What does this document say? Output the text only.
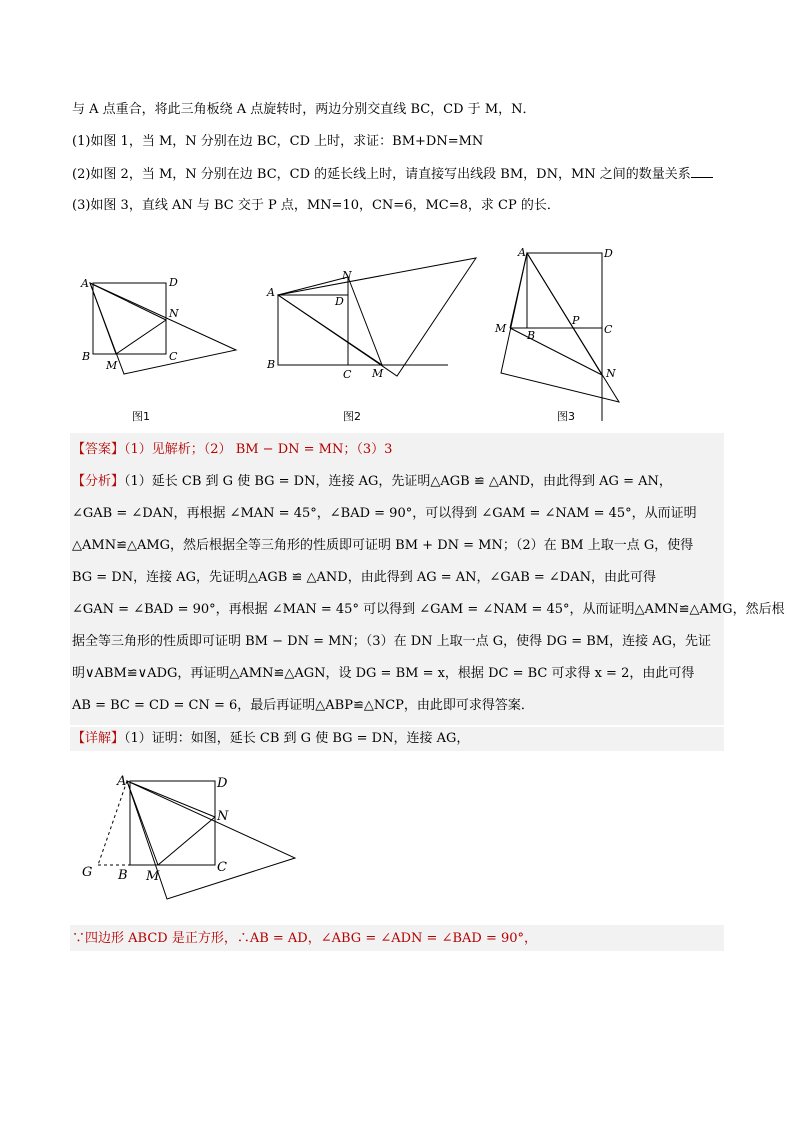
与 A 点重合，将此三角板绕 A 点旋转时，两边分别交直线 BC，CD 于 M，N．
(1)如图 1，当 M，N 分别在边 BC，CD 上时，求证：BM+DN=MN
(2)如图 2，当 M，N 分别在边 BC，CD 的延长线上时，请直接写出线段 BM，DN，MN 之间的数量关系
(3)如图 3，直线 AN 与 BC 交于 P 点，MN=10，CN=6，MC=8，求 CP 的长．
A	D
N
B	C
M
图1
N
A
D
B
C M
图2
A	D
M
B
P
C
N
图3
【答案】（1）见解析；（2） BM − DN = MN；（3）3
【分析】（1）延长 CB 到 G 使 BG = DN，连接 AG，先证明△AGB ≌ △AND，由此得到 AG = AN，
∠GAB = ∠DAN，再根据 ∠MAN = 45°，∠BAD = 90°，可以得到 ∠GAM = ∠NAM = 45°，从而证明
△AMN≌△AMG，然后根据全等三角形的性质即可证明 BM + DN = MN；（2）在 BM 上取一点 G，使得
BG = DN，连接 AG，先证明△AGB ≌ △AND，由此得到 AG = AN，∠GAB = ∠DAN，由此可得
∠GAN = ∠BAD = 90°，再根据 ∠MAN = 45° 可以得到 ∠GAM = ∠NAM = 45°，从而证明△AMN≌△AMG，然后根
据全等三角形的性质即可证明 BM − DN = MN；（3）在 DN 上取一点 G，使得 DG = BM，连接 AG，先证
明∨ABM≌∨ADG，再证明△AMN≌△AGN，设 DG = BM = x，根据 DC = BC 可求得 x = 2，由此可得
AB = BC = CD = CN = 6，最后再证明△ABP≌△NCP，由此即可求得答案．
【详解】（1）证明：如图，延长 CB 到 G 使 BG = DN，连接 AG，
A	D
N
G B M
C
∵四边形 ABCD 是正方形，∴AB = AD，∠ABG = ∠ADN = ∠BAD = 90°，
